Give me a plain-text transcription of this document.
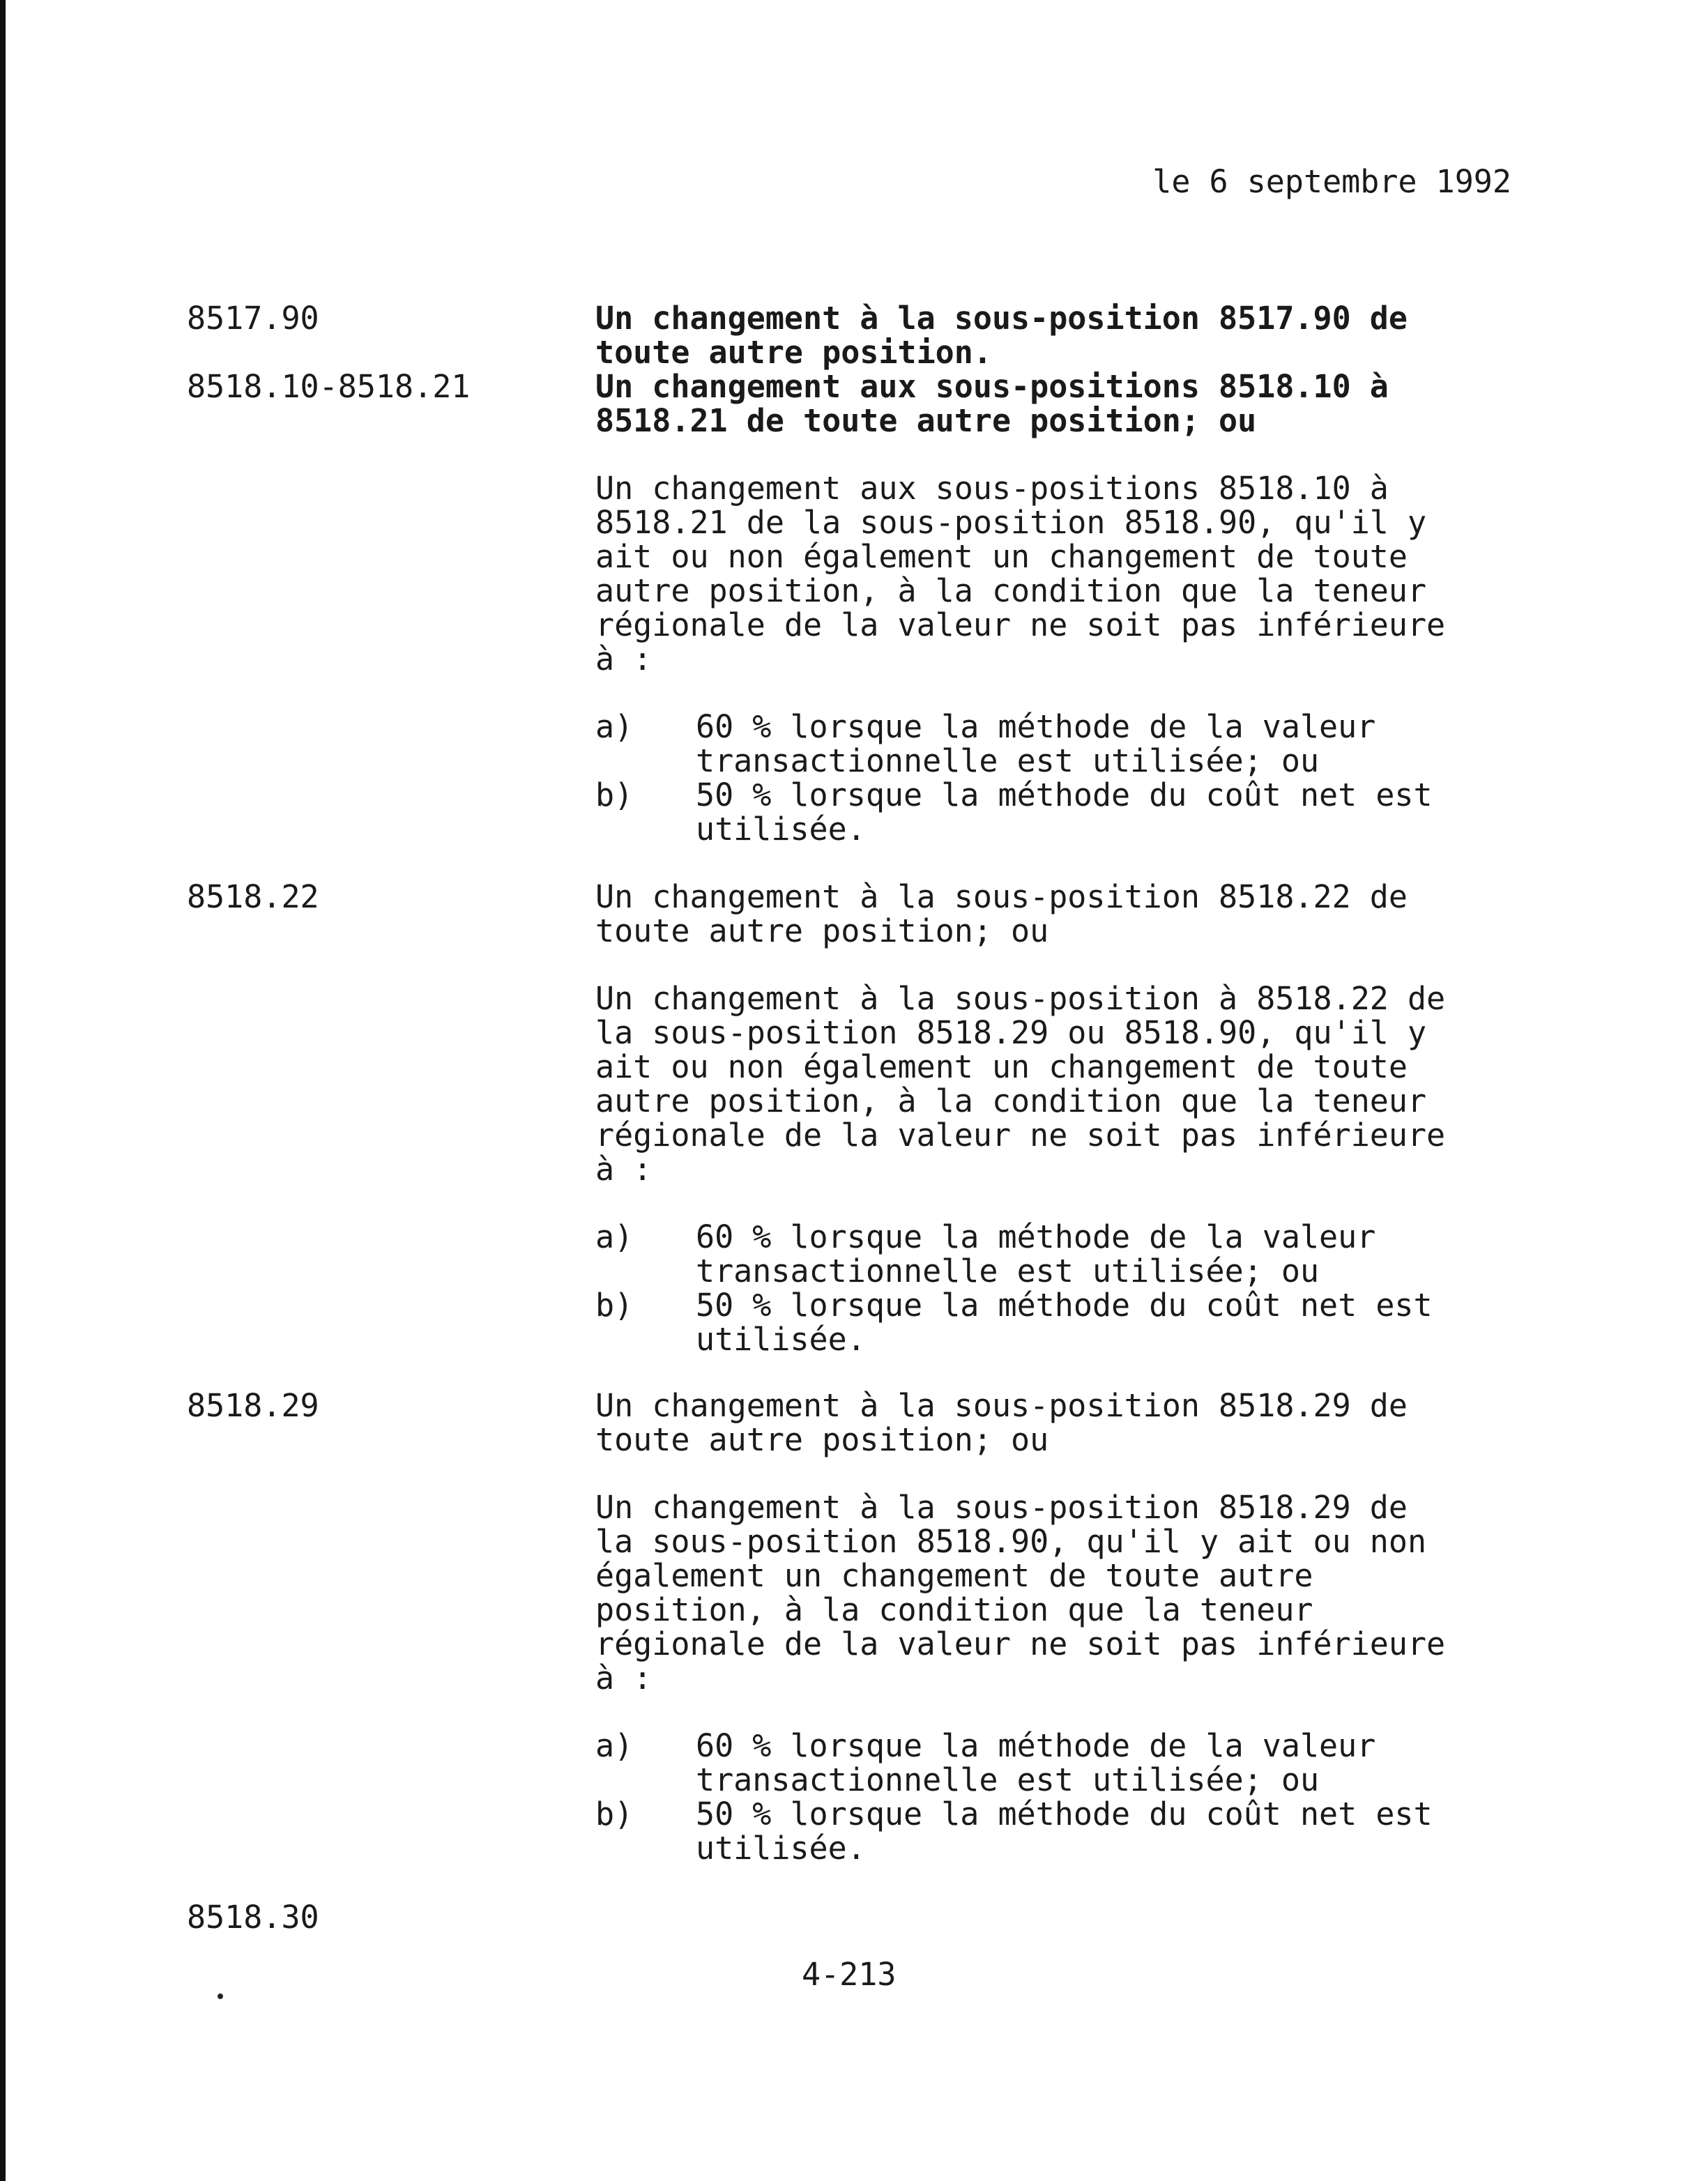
le 6 septembre 1992
8517.90	Un changement à la sous-position 8517.90 de
toute autre position.
8518.10-8518.21	Un changement aux sous-positions 8518.10 à
8518.21 de toute autre position; ou
Un changement aux sous-positions 8518.10 à
8518.21 de la sous-position 8518.90, qu'il y
ait ou non également un changement de toute
autre position, à la condition que la teneur
régionale de la valeur ne soit pas inférieure
à :
a) 60 % lorsque la méthode de la valeur
transactionnelle est utilisée; ou
b) 50 % lorsque la méthode du coût net est
utilisée.
8518.22	Un changement à la sous-position 8518.22 de
toute autre position; ou
Un changement à la sous-position à 8518.22 de
la sous-position 8518.29 ou 8518.90, qu'il y
ait ou non également un changement de toute
autre position, à la condition que la teneur
régionale de la valeur ne soit pas inférieure
à :
a) 60 % lorsque la méthode de la valeur
transactionnelle est utilisée; ou
b) 50 % lorsque la méthode du coût net est
utilisée.
8518.29	Un changement à la sous-position 8518.29 de
toute autre position; ou
Un changement à la sous-position 8518.29 de
la sous-position 8518.90, qu'il y ait ou non
également un changement de toute autre
position, à la condition que la teneur
régionale de la valeur ne soit pas inférieure
à :
a) 60 % lorsque la méthode de la valeur
transactionnelle est utilisée; ou
b) 50 % lorsque la méthode du coût net est
utilisée.
8518.30
4-213
